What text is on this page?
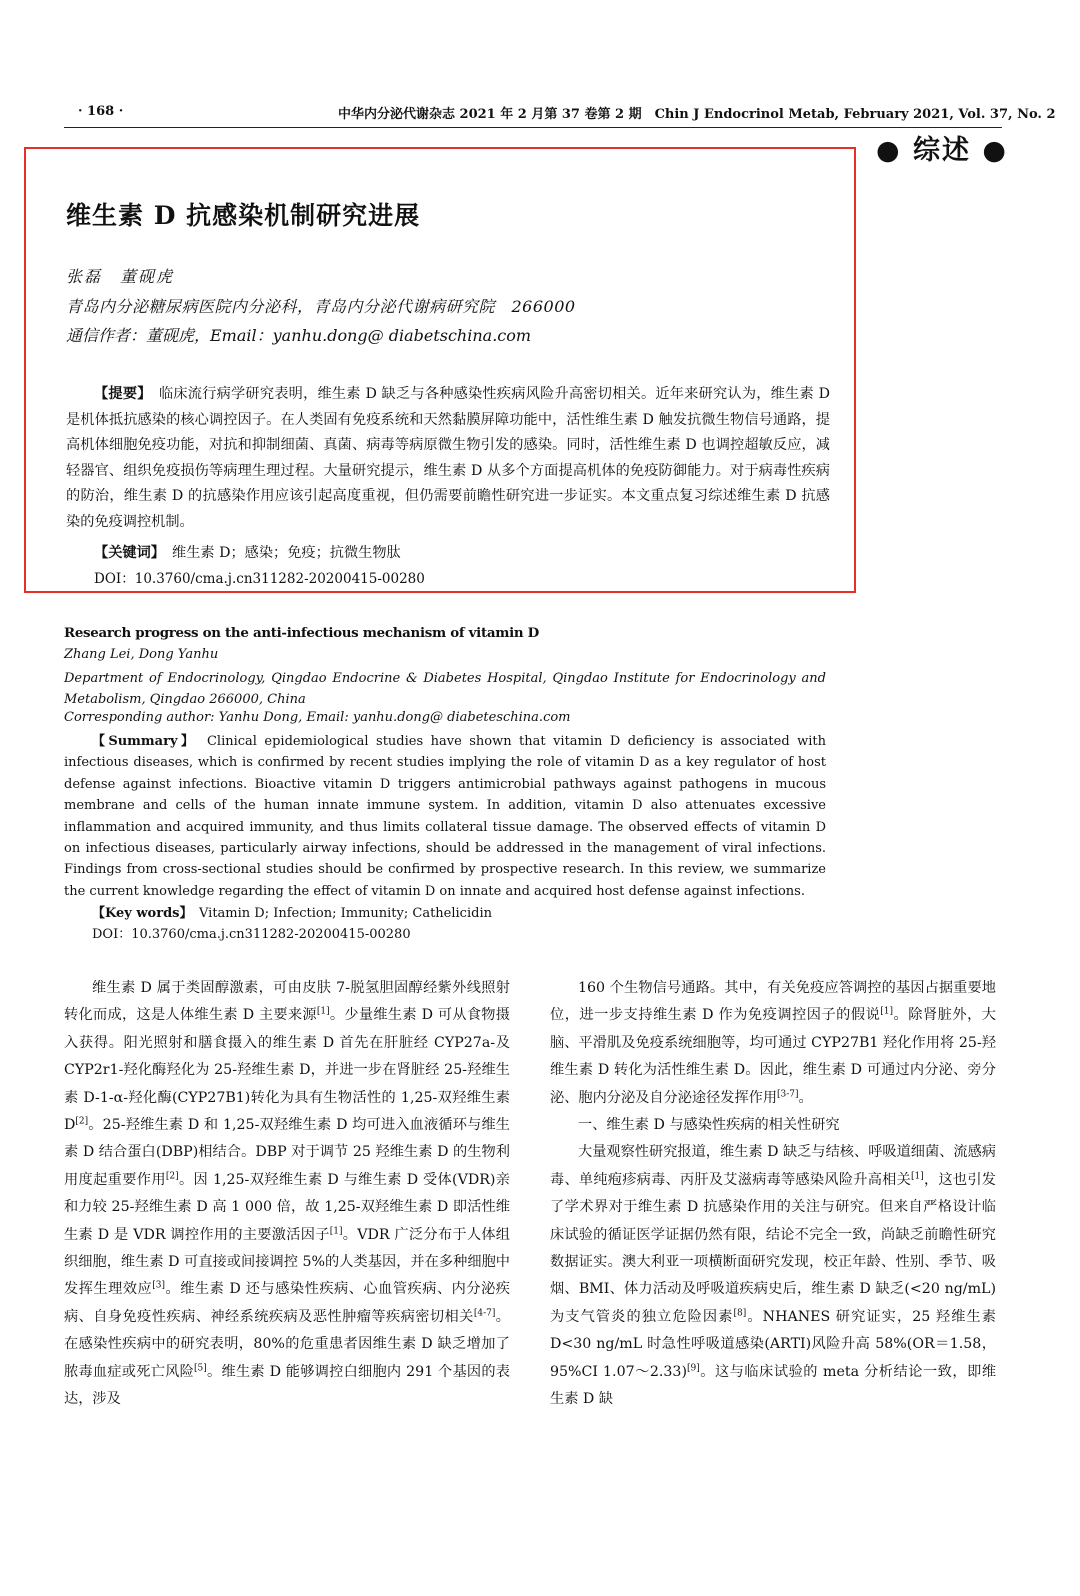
· 168 ·	中华内分泌代谢杂志 2021 年 2 月第 37 卷第 2 期　Chin J Endocrinol Metab, February 2021, Vol. 37, No. 2
● 综述 ●
维生素 D 抗感染机制研究进展
张磊　董砚虎
青岛内分泌糖尿病医院内分泌科，青岛内分泌代谢病研究院　266000
通信作者：董砚虎，Email：yanhu.dong@ diabetschina.com

【提要】　 临床流行病学研究表明，维生素 D 缺乏与各种感染性疾病风险升高密切相关。近年来研究认为，维生素 D 是机体抵抗感染的核心调控因子。在人类固有免疫系统和天然黏膜屏障功能中，活性维生素 D 触发抗微生物信号通路，提高机体细胞免疫功能，对抗和抑制细菌、真菌、病毒等病原微生物引发的感染。同时，活性维生素 D 也调控超敏反应，减轻器官、组织免疫损伤等病理生理过程。大量研究提示，维生素 D 从多个方面提高机体的免疫防御能力。对于病毒性疾病的防治，维生素 D 的抗感染作用应该引起高度重视，但仍需要前瞻性研究进一步证实。本文重点复习综述维生素 D 抗感染的免疫调控机制。

【关键词】　 维生素 D；感染；免疫；抗微生物肽
DOI：10.3760/cma.j.cn311282-20200415-00280
Research progress on the anti-infectious mechanism of vitamin D
Zhang Lei, Dong Yanhu

Department of Endocrinology, Qingdao Endocrine & Diabetes Hospital, Qingdao Institute for Endocrinology and Metabolism, Qingdao 266000, China

Corresponding author: Yanhu Dong, Email: yanhu.dong@ diabeteschina.com

【Summary】　 Clinical epidemiological studies have shown that vitamin D deficiency is associated with infectious diseases, which is confirmed by recent studies implying the role of vitamin D as a key regulator of host defense against infections. Bioactive vitamin D triggers antimicrobial pathways against pathogens in mucous membrane and cells of the human innate immune system. In addition, vitamin D also attenuates excessive inflammation and acquired immunity, and thus limits collateral tissue damage. The observed effects of vitamin D on infectious diseases, particularly airway infections, should be addressed in the management of viral infections. Findings from cross-sectional studies should be confirmed by prospective research. In this review, we summarize the current knowledge regarding the effect of vitamin D on innate and acquired host defense against infections.

【Key words】　 Vitamin D; Infection; Immunity; Cathelicidin
DOI：10.3760/cma.j.cn311282-20200415-00280

维生素 D 属于类固醇激素，可由皮肤 7-脱氢胆固醇经紫外线照射转化而成，这是人体维生素 D 主要来源[1]。少量维生素 D 可从食物摄入获得。阳光照射和膳食摄入的维生素 D 首先在肝脏经 CYP27a-及 CYP2r1-羟化酶羟化为 25-羟维生素 D，并进一步在肾脏经 25-羟维生素 D-1-α-羟化酶(CYP27B1)转化为具有生物活性的 1,25-双羟维生素 D[2]。25-羟维生素 D 和 1,25-双羟维生素 D 均可进入血液循环与维生素 D 结合蛋白(DBP)相结合。DBP 对于调节 25 羟维生素 D 的生物利用度起重要作用[2]。因 1,25-双羟维生素 D 与维生素 D 受体(VDR)亲和力较 25-羟维生素 D 高 1 000 倍，故 1,25-双羟维生素 D 即活性维生素 D 是 VDR 调控作用的主要激活因子[1]。VDR 广泛分布于人体组织细胞，维生素 D 可直接或间接调控 5%的人类基因，并在多种细胞中发挥生理效应[3]。维生素 D 还与感染性疾病、心血管疾病、内分泌疾病、自身免疫性疾病、神经系统疾病及恶性肿瘤等疾病密切相关[4-7]。在感染性疾病中的研究表明，80%的危重患者因维生素 D 缺乏增加了脓毒血症或死亡风险[5]。维生素 D 能够调控白细胞内 291 个基因的表达，涉及

160 个生物信号通路。其中，有关免疫应答调控的基因占据重要地位，进一步支持维生素 D 作为免疫调控因子的假说[1]。除肾脏外，大脑、平滑肌及免疫系统细胞等，均可通过 CYP27B1 羟化作用将 25-羟维生素 D 转化为活性维生素 D。因此，维生素 D 可通过内分泌、旁分泌、胞内分泌及自分泌途径发挥作用[3-7]。

一、维生素 D 与感染性疾病的相关性研究

大量观察性研究报道，维生素 D 缺乏与结核、呼吸道细菌、流感病毒、单纯疱疹病毒、丙肝及艾滋病毒等感染风险升高相关[1]，这也引发了学术界对于维生素 D 抗感染作用的关注与研究。但来自严格设计临床试验的循证医学证据仍然有限，结论不完全一致，尚缺乏前瞻性研究数据证实。澳大利亚一项横断面研究发现，校正年龄、性别、季节、吸烟、BMI、体力活动及呼吸道疾病史后，维生素 D 缺乏(<20 ng/mL)为支气管炎的独立危险因素[8]。NHANES 研究证实，25 羟维生素 D<30 ng/mL 时急性呼吸道感染(ARTI)风险升高 58%(OR＝1.58，95%CI 1.07～2.33)[9]。这与临床试验的 meta 分析结论一致，即维生素 D 缺
